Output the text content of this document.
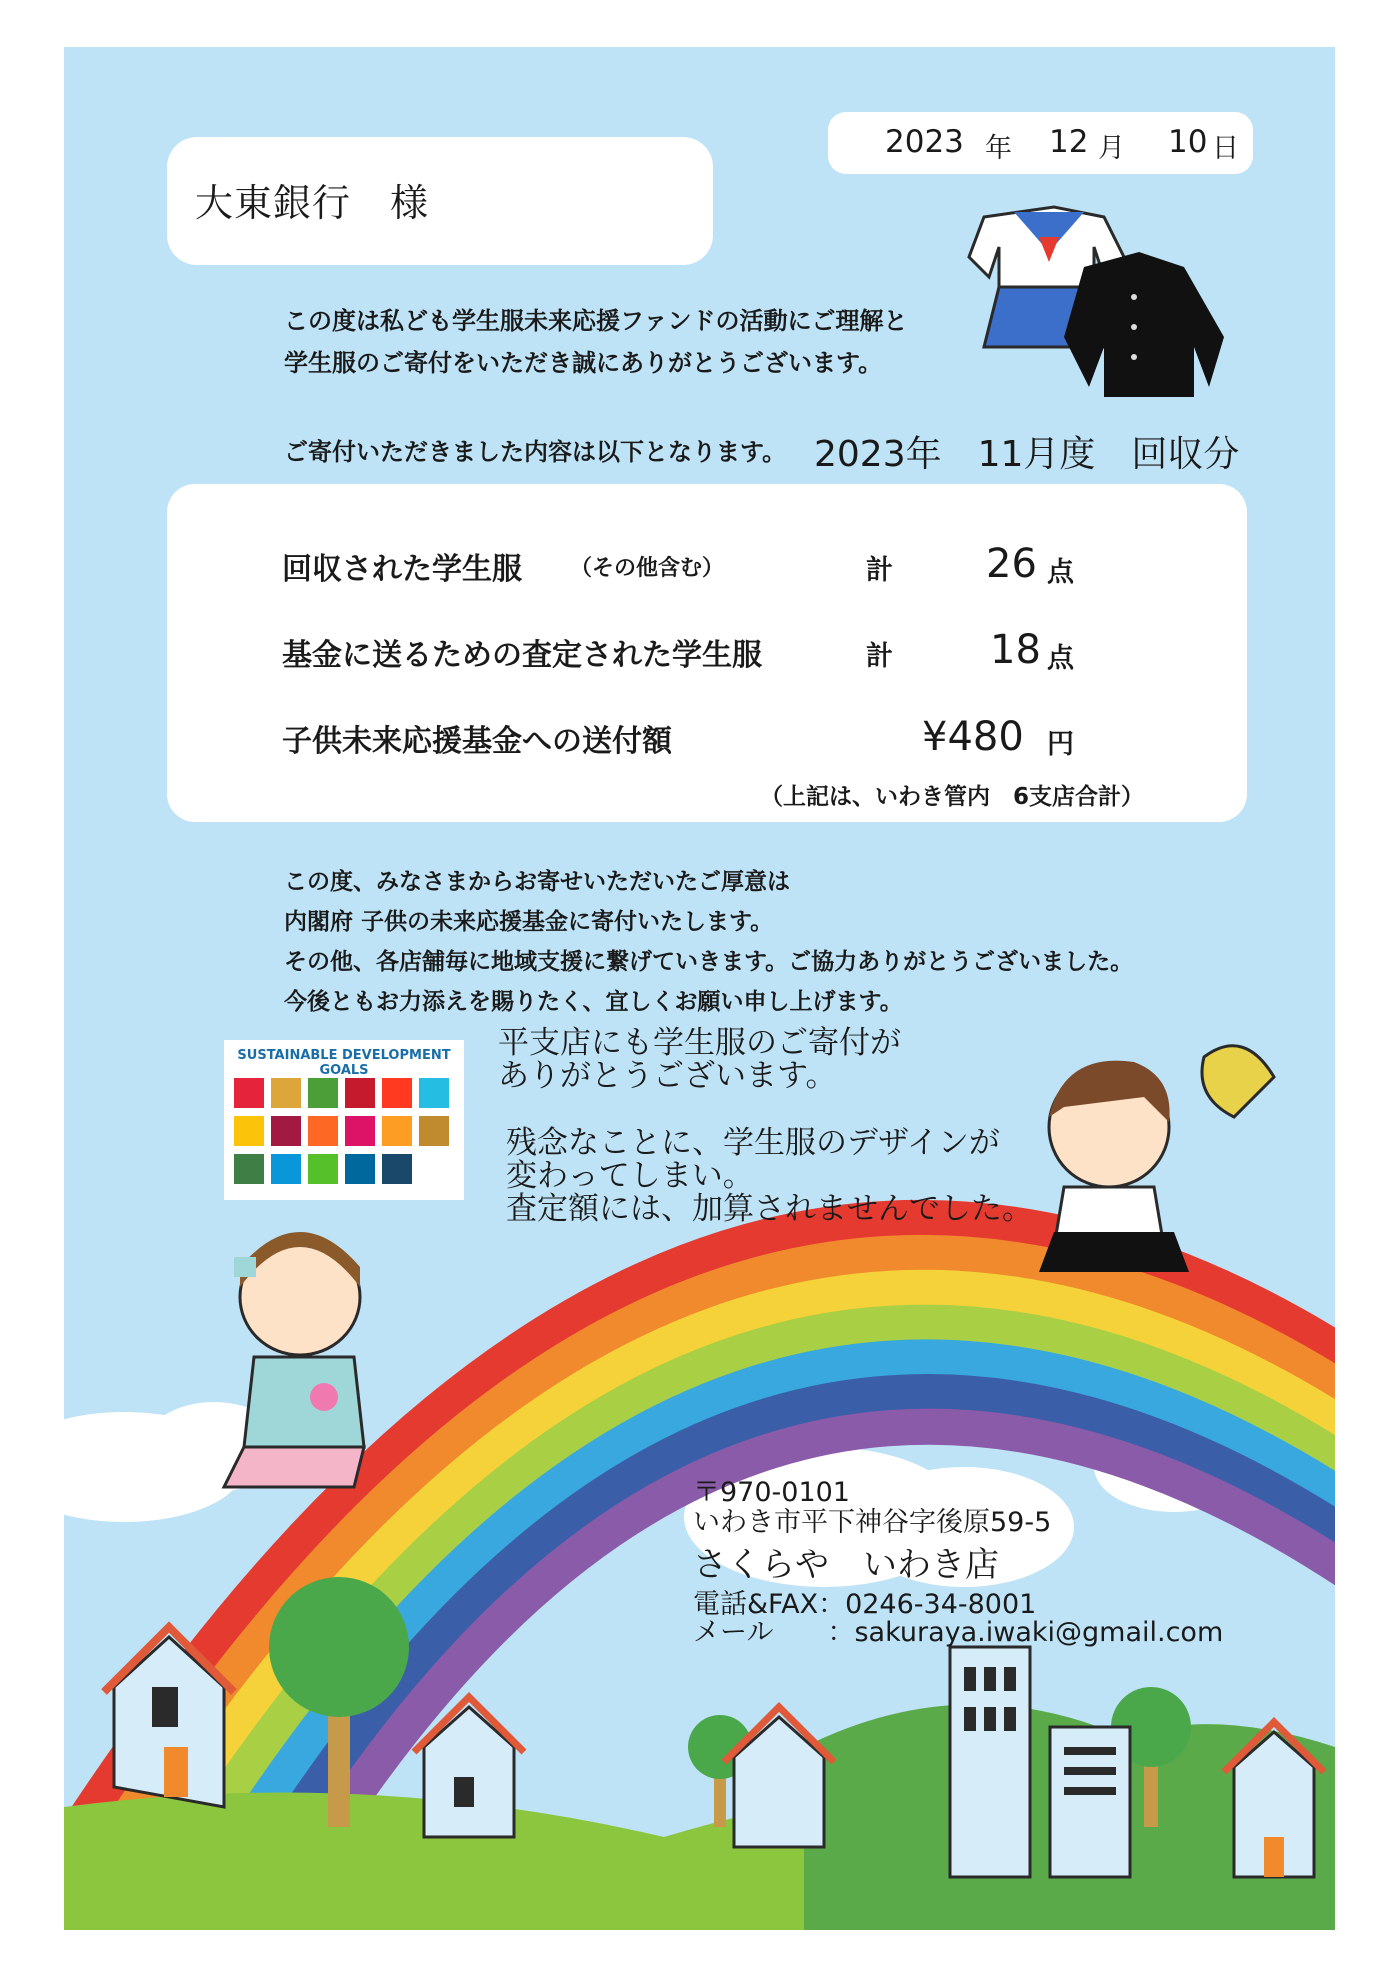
大東銀行　様
2023 年 12 月 10 日
この度は私ども学生服未来応援ファンドの活動にご理解と
学生服のご寄付をいただき誠にありがとうございます。
ご寄付いただきました内容は以下となります。 2023年　11月度　回収分
回収された学生服 （その他含む）	計 26 点
基金に送るための査定された学生服	計 18 点
子供未来応援基金への送付額	¥480 円
（上記は、いわき管内　6支店合計）
この度、みなさまからお寄せいただいたご厚意は
内閣府 子供の未来応援基金に寄付いたします。
その他、各店舗毎に地域支援に繋げていきます。ご協力ありがとうございました。
今後ともお力添えを賜りたく、宜しくお願い申し上げます。
SUSTAINABLE DEVELOPMENT GOALS
平支店にも学生服のご寄付が
ありがとうございます。
残念なことに、学生服のデザインが
変わってしまい。
査定額には、加算されませんでした。
〒970-0101
いわき市平下神谷字後原59-5
さくらや　いわき店
電話&FAX：0246-34-8001
メール　　：sakuraya.iwaki@gmail.com
